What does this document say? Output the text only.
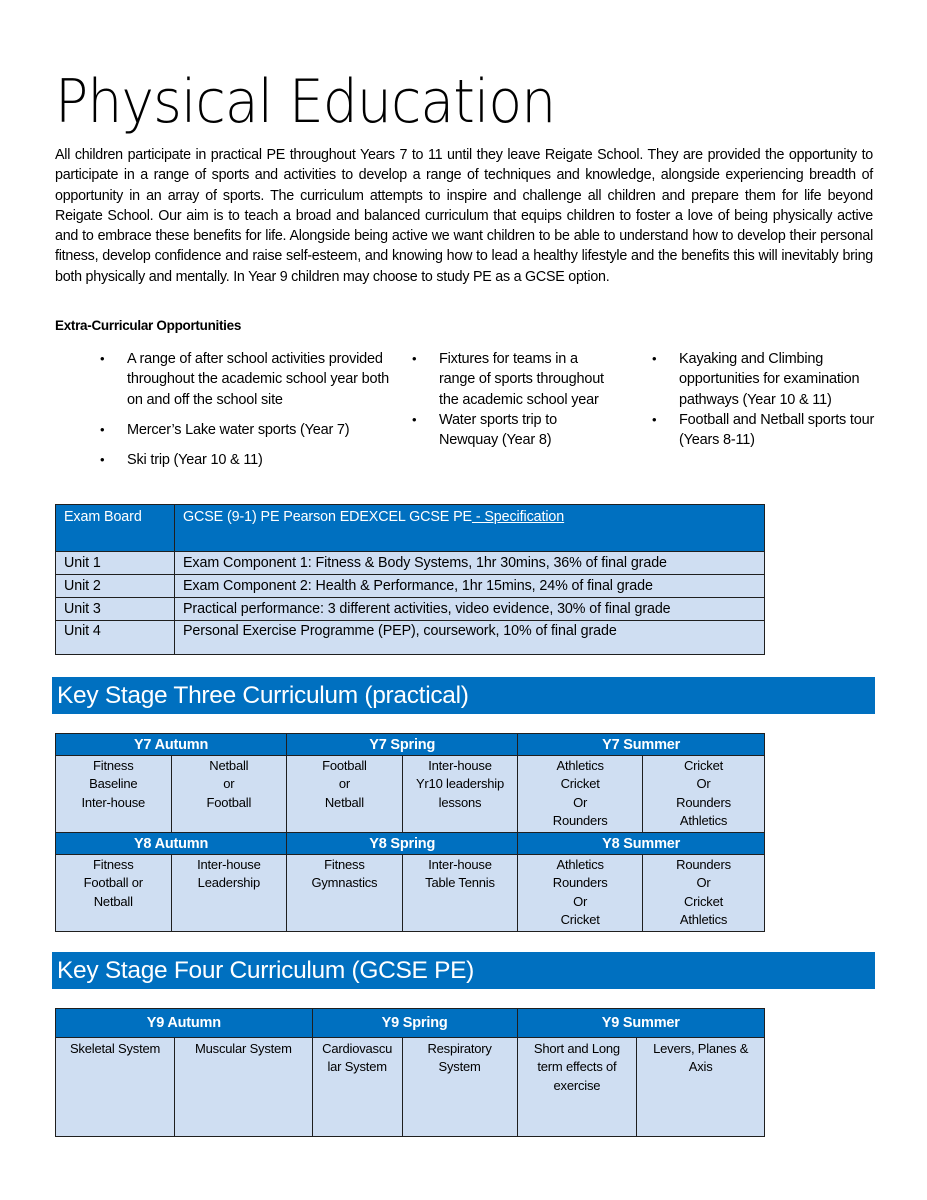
Physical Education

All children participate in practical PE throughout Years 7 to 11 until they leave Reigate School. They are provided the opportunity to participate in a range of sports and activities to develop a range of techniques and knowledge, alongside experiencing breadth of opportunity in an array of sports. The curriculum attempts to inspire and challenge all children and prepare them for life beyond Reigate School. Our aim is to teach a broad and balanced curriculum that equips children to foster a love of being physically active and to embrace these benefits for life. Alongside being active we want children to be able to understand how to develop their personal fitness, develop confidence and raise self-esteem, and knowing how to lead a healthy lifestyle and the benefits this will inevitably bring both physically and mentally. In Year 9 children may choose to study PE as a GCSE option.

Extra-Curricular Opportunities
• A range of after school activities provided throughout the academic school year both on and off the school site
• Mercer’s Lake water sports (Year 7)
• Ski trip (Year 10 & 11)
• Fixtures for teams in a range of sports throughout the academic school year
• Water sports trip to Newquay (Year 8)
• Kayaking and Climbing opportunities for examination pathways (Year 10 & 11)
• Football and Netball sports tour (Years 8-11)
Exam Board	GCSE (9-1) PE Pearson EDEXCEL GCSE PE - Specification
Unit 1	Exam Component 1: Fitness & Body Systems, 1hr 30mins, 36% of final grade
Unit 2	Exam Component 2: Health & Performance, 1hr 15mins, 24% of final grade
Unit 3	Practical performance: 3 different activities, video evidence, 30% of final grade
Unit 4	Personal Exercise Programme (PEP), coursework, 10% of final grade
Key Stage Three Curriculum (practical)
Y7 Autumn		Y7 Spring		Y7 Summer	

Fitness
Baseline
Inter-house	Netball
or
Football	Football
or
Netball	Inter-house
Yr10 leadership
lessons	Athletics
Cricket
Or
Rounders	Cricket
Or
Rounders
Athletics

Y8 Autumn		Y8 Spring		Y8 Summer	

Fitness
Football or
Netball	Inter-house
Leadership	Fitness
Gymnastics	Inter-house
Table Tennis	Athletics
Rounders
Or
Cricket	Rounders
Or
Cricket
Athletics
Key Stage Four Curriculum (GCSE PE)
Y9 Autumn		Y9 Spring		Y9 Summer	

Skeletal System	Muscular System	Cardiovascu
lar System	Respiratory
System	Short and Long
term effects of
exercise	Levers, Planes &
Axis
